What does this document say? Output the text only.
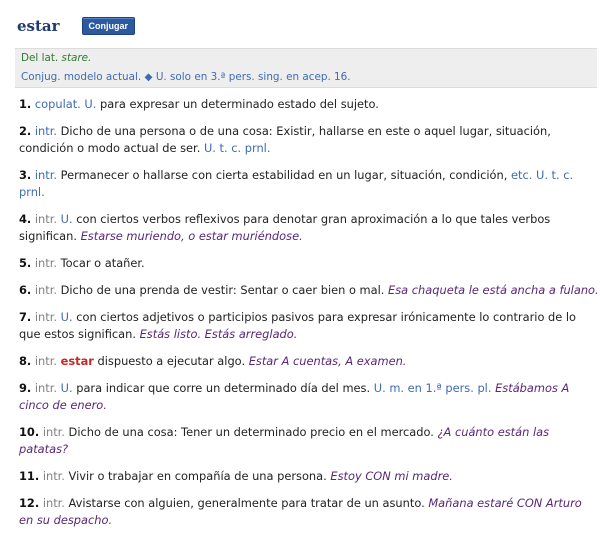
estar	Conjugar
Del lat. stare.
Conjug. modelo actual. ◆ U. solo en 3.ª pers. sing. en acep. 16.
1. copulat. U. para expresar un determinado estado del sujeto.
2. intr. Dicho de una persona o de una cosa: Existir, hallarse en este o aquel lugar, situación, condición o modo actual de ser. U. t. c. prnl.
3. intr. Permanecer o hallarse con cierta estabilidad en un lugar, situación, condición, etc. U. t. c. prnl.
4. intr. U. con ciertos verbos reflexivos para denotar gran aproximación a lo que tales verbos significan. Estarse muriendo, o estar muriéndose.
5. intr. Tocar o atañer.
6. intr. Dicho de una prenda de vestir: Sentar o caer bien o mal. Esa chaqueta le está ancha a fulano.
7. intr. U. con ciertos adjetivos o participios pasivos para expresar irónicamente lo contrario de lo que estos significan. Estás listo. Estás arreglado.
8. intr. estar dispuesto a ejecutar algo. Estar A cuentas, A examen.
9. intr. U. para indicar que corre un determinado día del mes. U. m. en 1.ª pers. pl. Estábamos A cinco de enero.
10. intr. Dicho de una cosa: Tener un determinado precio en el mercado. ¿A cuánto están las patatas?
11. intr. Vivir o trabajar en compañía de una persona. Estoy CON mi madre.
12. intr. Avistarse con alguien, generalmente para tratar de un asunto. Mañana estaré CON Arturo en su despacho.
